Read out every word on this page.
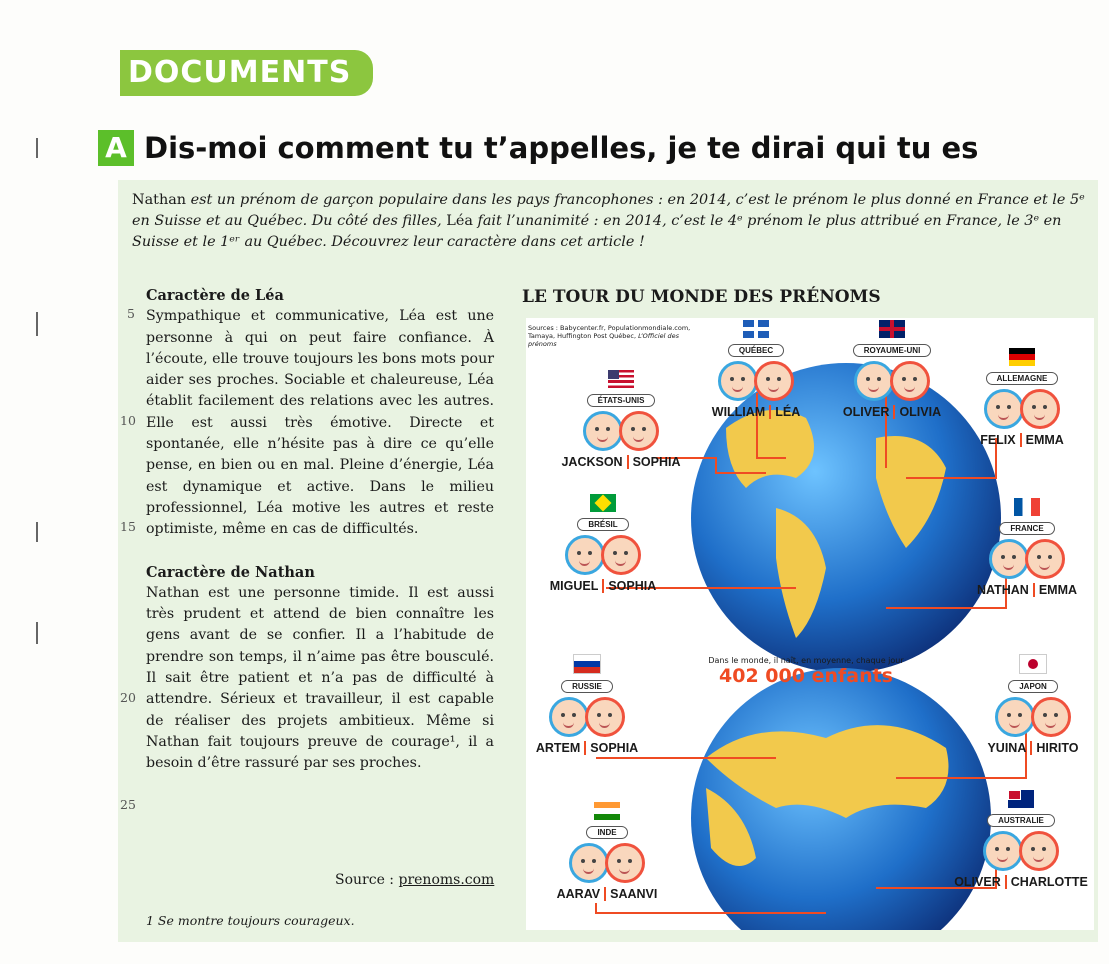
DOCUMENTS
A Dis-moi comment tu t’appelles, je te dirai qui tu es
Nathan est un prénom de garçon populaire dans les pays francophones : en 2014, c’est le prénom le plus donné en France et le 5ᵉ en Suisse et au Québec. Du côté des filles, Léa fait l’unanimité : en 2014, c’est le 4ᵉ prénom le plus attribué en France, le 3ᵉ en Suisse et le 1ᵉʳ au Québec. Découvrez leur caractère dans cet article !
Caractère de Léa

Sympathique et communicative, Léa est une personne à qui on peut faire confiance. À l’écoute, elle trouve toujours les bons mots pour aider ses proches. Sociable et chaleureuse, Léa établit facilement des relations avec les autres. Elle est aussi très émotive. Directe et spontanée, elle n’hésite pas à dire ce qu’elle pense, en bien ou en mal. Pleine d’énergie, Léa est dynamique et active. Dans le milieu professionnel, Léa motive les autres et reste optimiste, même en cas de difficultés.

Caractère de Nathan

Nathan est une personne timide. Il est aussi très prudent et attend de bien connaître les gens avant de se confier. Il a l’habitude de prendre son temps, il n’aime pas être bousculé. Il sait être patient et n’a pas de difficulté à attendre. Sérieux et travailleur, il est capable de réaliser des projets ambitieux. Même si Nathan fait toujours preuve de courage¹, il a besoin d’être rassuré par ses proches.

5
10
15
20
25
Source : prenoms.com
1 Se montre toujours courageux.
LE TOUR DU MONDE DES PRÉNOMS
Sources : Babycenter.fr, Populationmondiale.com, Tamaya, Huffington Post Québec, L’Officiel des prénoms
Dans le monde, il naît, en moyenne, chaque jour
402 000 enfants
QUÉBEC
WILLIAM LÉA
ROYAUME-UNI
OLIVER OLIVIA
ÉTATS-UNIS
JACKSON SOPHIA
ALLEMAGNE
FELIX EMMA
BRÉSIL
MIGUEL SOPHIA
FRANCE
NATHAN EMMA
RUSSIE
ARTEM SOPHIA
JAPON
YUINA HIRITO
INDE
AARAV SAANVI
AUSTRALIE
OLIVER CHARLOTTE
